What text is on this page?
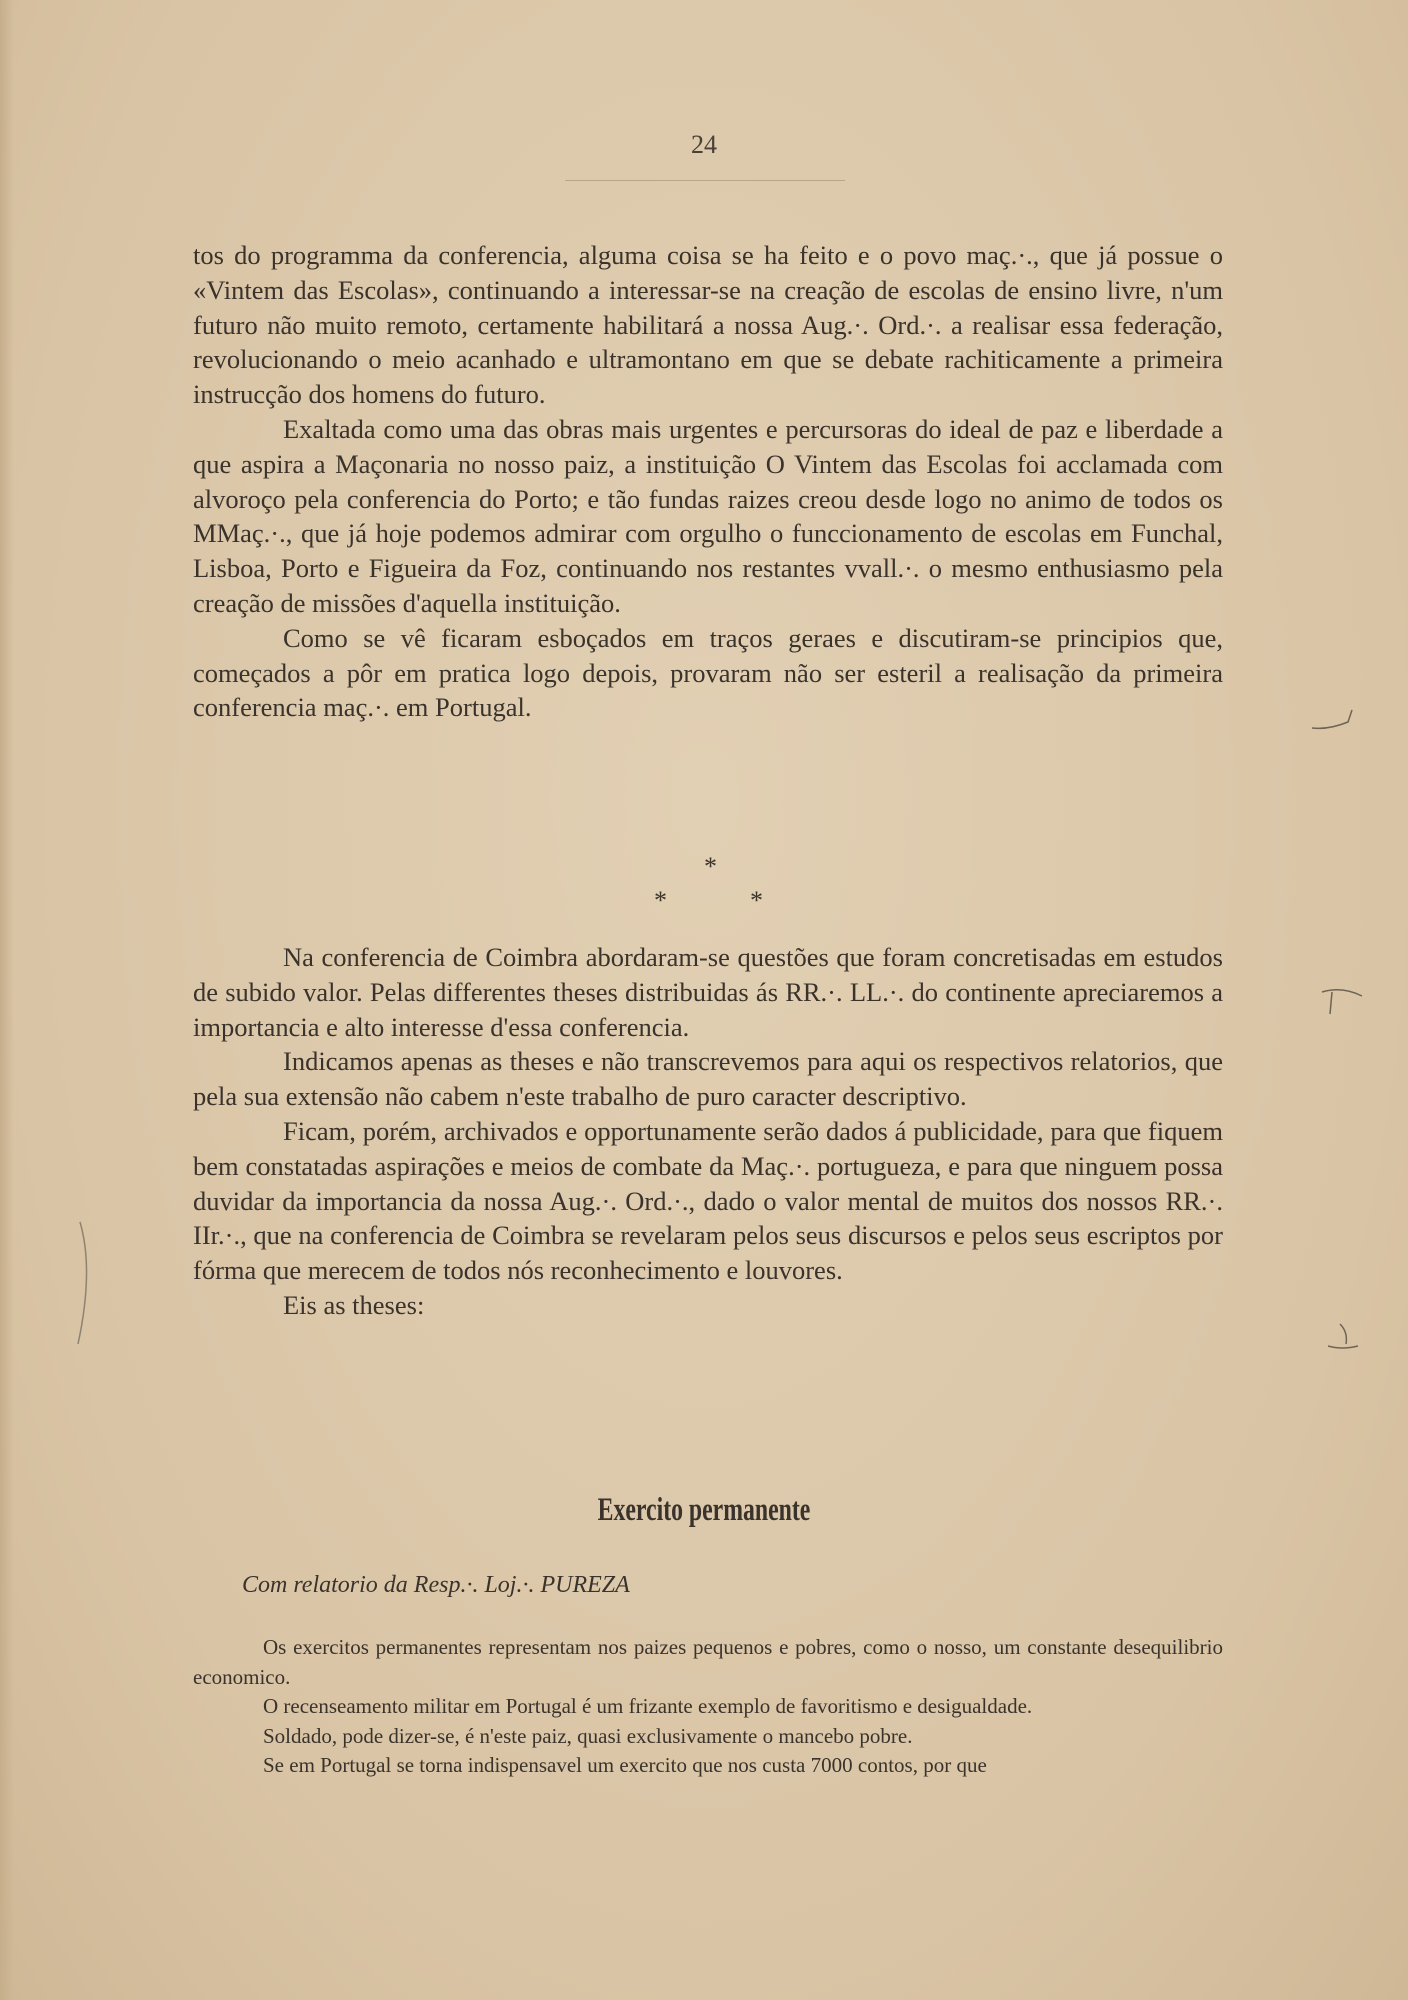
24

tos do programma da conferencia, alguma coisa se ha feito e o povo maç.·., que já possue o «Vintem das Escolas», continuando a interessar-se na creação de escolas de ensino livre, n'um futuro não muito remoto, certamente habilitará a nossa Aug.·. Ord.·. a realisar essa federação, revolucionando o meio acanhado e ultramontano em que se debate rachiticamente a primeira instrucção dos homens do futuro.

Exaltada como uma das obras mais urgentes e percursoras do ideal de paz e liberdade a que aspira a Maçonaria no nosso paiz, a instituição O Vintem das Escolas foi acclamada com alvoroço pela conferencia do Porto; e tão fundas raizes creou desde logo no animo de todos os MMaç.·., que já hoje podemos admirar com orgulho o funccionamento de escolas em Funchal, Lisboa, Porto e Figueira da Foz, continuando nos restantes vvall.·. o mesmo enthusiasmo pela creação de missões d'aquella instituição.

Como se vê ficaram esboçados em traços geraes e discutiram-se principios que, começados a pôr em pratica logo depois, provaram não ser esteril a realisação da primeira conferencia maç.·. em Portugal.

*
*	*

Na conferencia de Coimbra abordaram-se questões que foram concretisadas em estudos de subido valor. Pelas differentes theses distribuidas ás RR.·. LL.·. do continente apreciaremos a importancia e alto interesse d'essa conferencia.

Indicamos apenas as theses e não transcrevemos para aqui os respectivos relatorios, que pela sua extensão não cabem n'este trabalho de puro caracter descriptivo.

Ficam, porém, archivados e opportunamente serão dados á publicidade, para que fiquem bem constatadas aspirações e meios de combate da Maç.·. portugueza, e para que ninguem possa duvidar da importancia da nossa Aug.·. Ord.·., dado o valor mental de muitos dos nossos RR.·. IIr.·., que na conferencia de Coimbra se revelaram pelos seus discursos e pelos seus escriptos por fórma que merecem de todos nós reconhecimento e louvores.

Eis as theses:

Exercito permanente
Com relatorio da Resp.·. Loj.·. PUREZA

Os exercitos permanentes representam nos paizes pequenos e pobres, como o nosso, um constante desequilibrio economico.

O recenseamento militar em Portugal é um frizante exemplo de favoritismo e desigualdade.

Soldado, pode dizer-se, é n'este paiz, quasi exclusivamente o mancebo pobre.

Se em Portugal se torna indispensavel um exercito que nos custa 7000 contos, por que
